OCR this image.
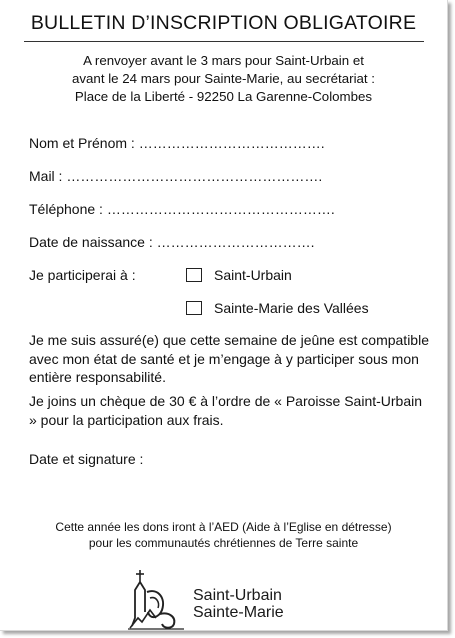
BULLETIN D’INSCRIPTION OBLIGATOIRE
A renvoyer avant le 3 mars pour Saint-Urbain et
avant le 24 mars pour Sainte-Marie, au secrétariat :
Place de la Liberté - 92250 La Garenne-Colombes
Nom et Prénom : ………………………………….
Mail : ……………………………………………….
Téléphone : ………………………………………….
Date de naissance : …………………………….
Je participerai à :	Saint-Urbain
Sainte-Marie des Vallées

Je me suis assuré(e) que cette semaine de jeûne est compatible avec mon état de santé et je m’engage à y participer sous mon entière responsabilité.

Je joins un chèque de 30 € à l’ordre de « Paroisse Saint-Urbain » pour la participation aux frais.

Date et signature :
Cette année les dons iront à l’AED (Aide à l’Eglise en détresse)
pour les communautés chrétiennes de Terre sainte
Saint-Urbain
Sainte-Marie
